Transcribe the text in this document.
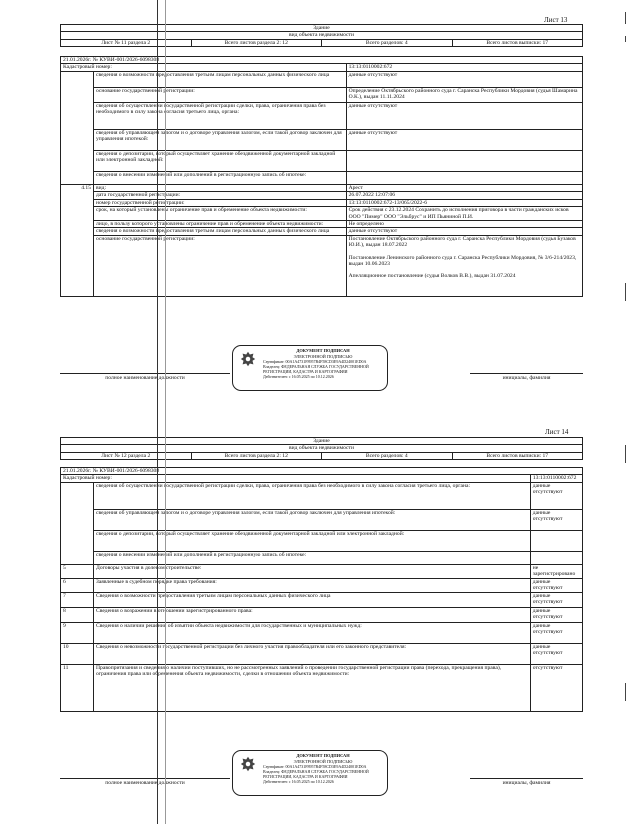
Лист 13
Здание
вид объекта недвижимости
Лист № 11 раздела 2	Всего листов раздела 2: 12	Всего разделов: 4	Всего листов выписки: 17
21.01.2026г. № КУВИ-001/2026-6098308		
Кадастровый номер:		13:13:0110002:672
	сведения о возможности предоставления третьим лицам персональных данных физического лица	данные отсутствуют
	основание государственной регистрации:	Определение Октябрьского районного суда г. Саранска Республики Мордовия (судья Шамарина О.К.), выдан 11.11.2024
	сведения об осуществлении государственной регистрации сделки, права, ограничения права без необходимого в силу закона согласия третьего лица, органа:	данные отсутствуют
	сведения об управляющем залогом и о договоре управления залогом, если такой договор заключен для управления ипотекой:	данные отсутствуют
	сведения о депозитарии, который осуществляет хранение обездвиженной документарной закладной или электронной закладной:	
	сведения о внесении изменений или дополнений в регистрационную запись об ипотеке:	
4.15	вид:	Арест
	дата государственной регистрации:	26.07.2022 12:07:06
	номер государственной регистрации:	13:13:0110002:672-13/065/2022-6
	срок, на который установлены ограничение прав и обременение объекта недвижимости:	Срок действия с 23.12.2024 Сохранить до исполнения приговора в части гражданских исков ООО "Пимер" ООО "Эльбрус" и ИП Пьяниной П.И.
	лицо, в пользу которого установлены ограничение прав и обременение объекта недвижимости:	Не определено
	сведения о возможности предоставления третьим лицам персональных данных физического лица	данные отсутствуют
	основание государственной регистрации:	Постановление Октябрьского районного суда г. Саранска Республики Мордовия (судья Бузаков Ю.И.), выдан 18.07.2022
Постановление Ленинского районного суда г. Саранска Республики Мордовия, № 3/6-214/2023, выдан 10.06.2023
Апелляционное постановление (судья Волков В.В.), выдан 31.07.2024
ДОКУМЕНТ ПОДПИСАН
ЭЛЕКТРОННОЙ ПОДПИСЬЮ
Сертификат: 00A1A4731F8957B4F58CD3E9A4D24001ED0A
Владелец: ФЕДЕРАЛЬНАЯ СЛУЖБА ГОСУДАРСТВЕННОЙ
РЕГИСТРАЦИИ, КАДАСТРА И КАРТОГРАФИИ
Действителен: с 16.05.2025 по 10.12.2026
полное наименование должности	инициалы, фамилия
Лист 14
Здание
вид объекта недвижимости
Лист № 12 раздела 2	Всего листов раздела 2: 12	Всего разделов: 4	Всего листов выписки: 17
21.01.2026г. № КУВИ-001/2026-6098308		
Кадастровый номер:		13:13:0110002:672
	сведения об осуществлении государственной регистрации сделки, права, ограничения права без необходимого в силу закона согласия третьего лица, органа:	данные отсутствуют
	сведения об управляющем залогом и о договоре управления залогом, если такой договор заключен для управления ипотекой:	данные отсутствуют
	сведения о депозитарии, который осуществляет хранение обездвиженной документарной закладной или электронной закладной:	
	сведения о внесении изменений или дополнений в регистрационную запись об ипотеке:	
5	Договоры участия в долевом строительстве:	не зарегистрировано
6	Заявленные в судебном порядке права требования:	данные отсутствуют
7	Сведения о возможности предоставления третьим лицам персональных данных физического лица	данные отсутствуют
8	Сведения о возражении в отношении зарегистрированного права:	данные отсутствуют
9	Сведения о наличии решения об изъятии объекта недвижимости для государственных и муниципальных нужд:	данные отсутствуют
10	Сведения о невозможности государственной регистрации без личного участия правообладателя или его законного представителя:	данные отсутствуют
11	Правопритязания и сведения о наличии поступивших, но не рассмотренных заявлений о проведении государственной регистрации права (перехода, прекращения права), ограничения права или обременения объекта недвижимости, сделки в отношении объекта недвижимости:	отсутствуют
ДОКУМЕНТ ПОДПИСАН
ЭЛЕКТРОННОЙ ПОДПИСЬЮ
Сертификат: 00A1A4731F8957B4F58CD3E9A4D24001ED0A
Владелец: ФЕДЕРАЛЬНАЯ СЛУЖБА ГОСУДАРСТВЕННОЙ
РЕГИСТРАЦИИ, КАДАСТРА И КАРТОГРАФИИ
Действителен: с 16.05.2025 по 10.12.2026
полное наименование должности	инициалы, фамилия
